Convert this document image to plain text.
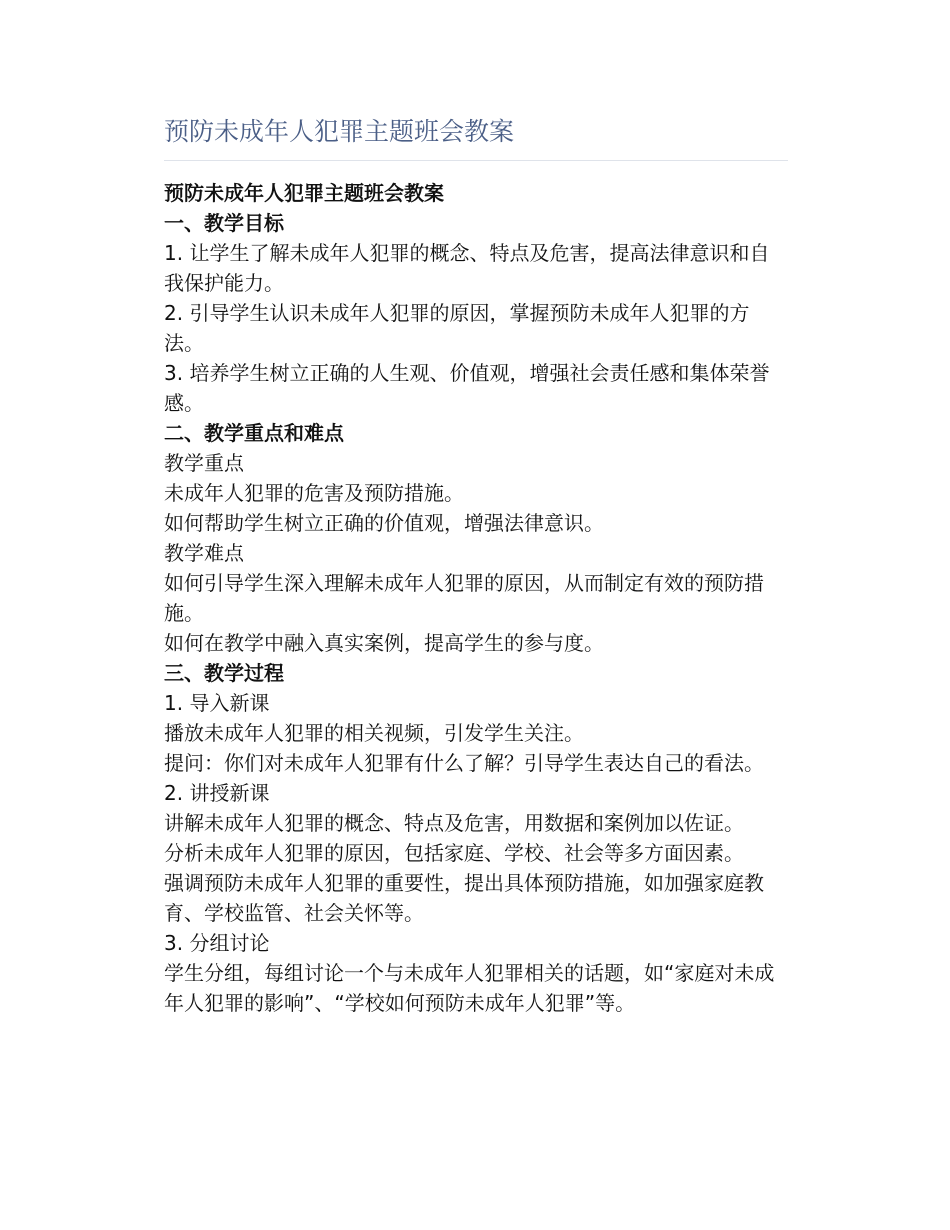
预防未成年人犯罪主题班会教案

预防未成年人犯罪主题班会教案

一、教学目标

1. 让学生了解未成年人犯罪的概念、特点及危害，提高法律意识和自我保护能力。

2. 引导学生认识未成年人犯罪的原因，掌握预防未成年人犯罪的方法。

3. 培养学生树立正确的人生观、价值观，增强社会责任感和集体荣誉感。

二、教学重点和难点

教学重点

未成年人犯罪的危害及预防措施。

如何帮助学生树立正确的价值观，增强法律意识。

教学难点

如何引导学生深入理解未成年人犯罪的原因，从而制定有效的预防措施。

如何在教学中融入真实案例，提高学生的参与度。

三、教学过程

1. 导入新课

播放未成年人犯罪的相关视频，引发学生关注。

提问：你们对未成年人犯罪有什么了解？引导学生表达自己的看法。

2. 讲授新课

讲解未成年人犯罪的概念、特点及危害，用数据和案例加以佐证。

分析未成年人犯罪的原因，包括家庭、学校、社会等多方面因素。

强调预防未成年人犯罪的重要性，提出具体预防措施，如加强家庭教育、学校监管、社会关怀等。

3. 分组讨论

学生分组，每组讨论一个与未成年人犯罪相关的话题，如“家庭对未成年人犯罪的影响”、“学校如何预防未成年人犯罪”等。
